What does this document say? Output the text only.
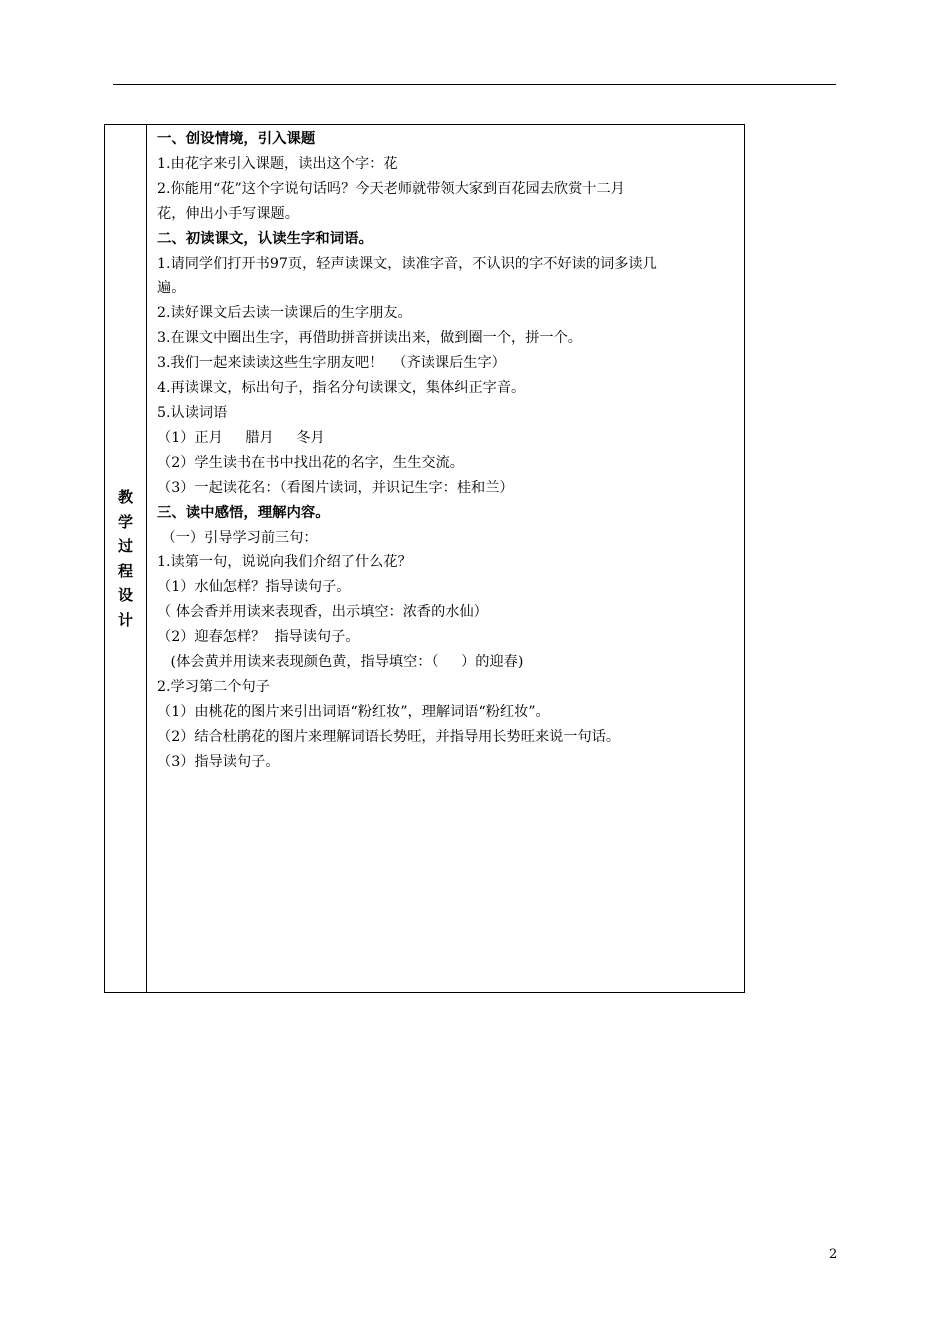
教
学
过
程
设
计
一、创设情境，引入课题
1.由花字来引入课题，读出这个字：花
2.你能用“花”这个字说句话吗？今天老师就带领大家到百花园去欣赏十二月
花，伸出小手写课题。
二、初读课文，认读生字和词语。
1.请同学们打开书97页，轻声读课文，读准字音，不认识的字不好读的词多读几
遍。
2.读好课文后去读一读课后的生字朋友。
3.在课文中圈出生字，再借助拼音拼读出来，做到圈一个，拼一个。
3.我们一起来读读这些生字朋友吧！  （齐读课后生字）
4.再读课文，标出句子，指名分句读课文，集体纠正字音。
5.认读词语
（1）正月     腊月     冬月
（2）学生读书在书中找出花的名字，生生交流。
（3）一起读花名：（看图片读词，并识记生字：桂和兰）
三、读中感悟，理解内容。
（一）引导学习前三句：
1.读第一句，说说向我们介绍了什么花？
（1）水仙怎样？指导读句子。
（ 体会香并用读来表现香，出示填空：浓香的水仙）
（2）迎春怎样？  指导读句子。
(体会黄并用读来表现颜色黄，指导填空：（     ）的迎春)
2.学习第二个句子
（1）由桃花的图片来引出词语“粉红妆”，理解词语“粉红妆”。
（2）结合杜鹃花的图片来理解词语长势旺，并指导用长势旺来说一句话。
（3）指导读句子。
2
